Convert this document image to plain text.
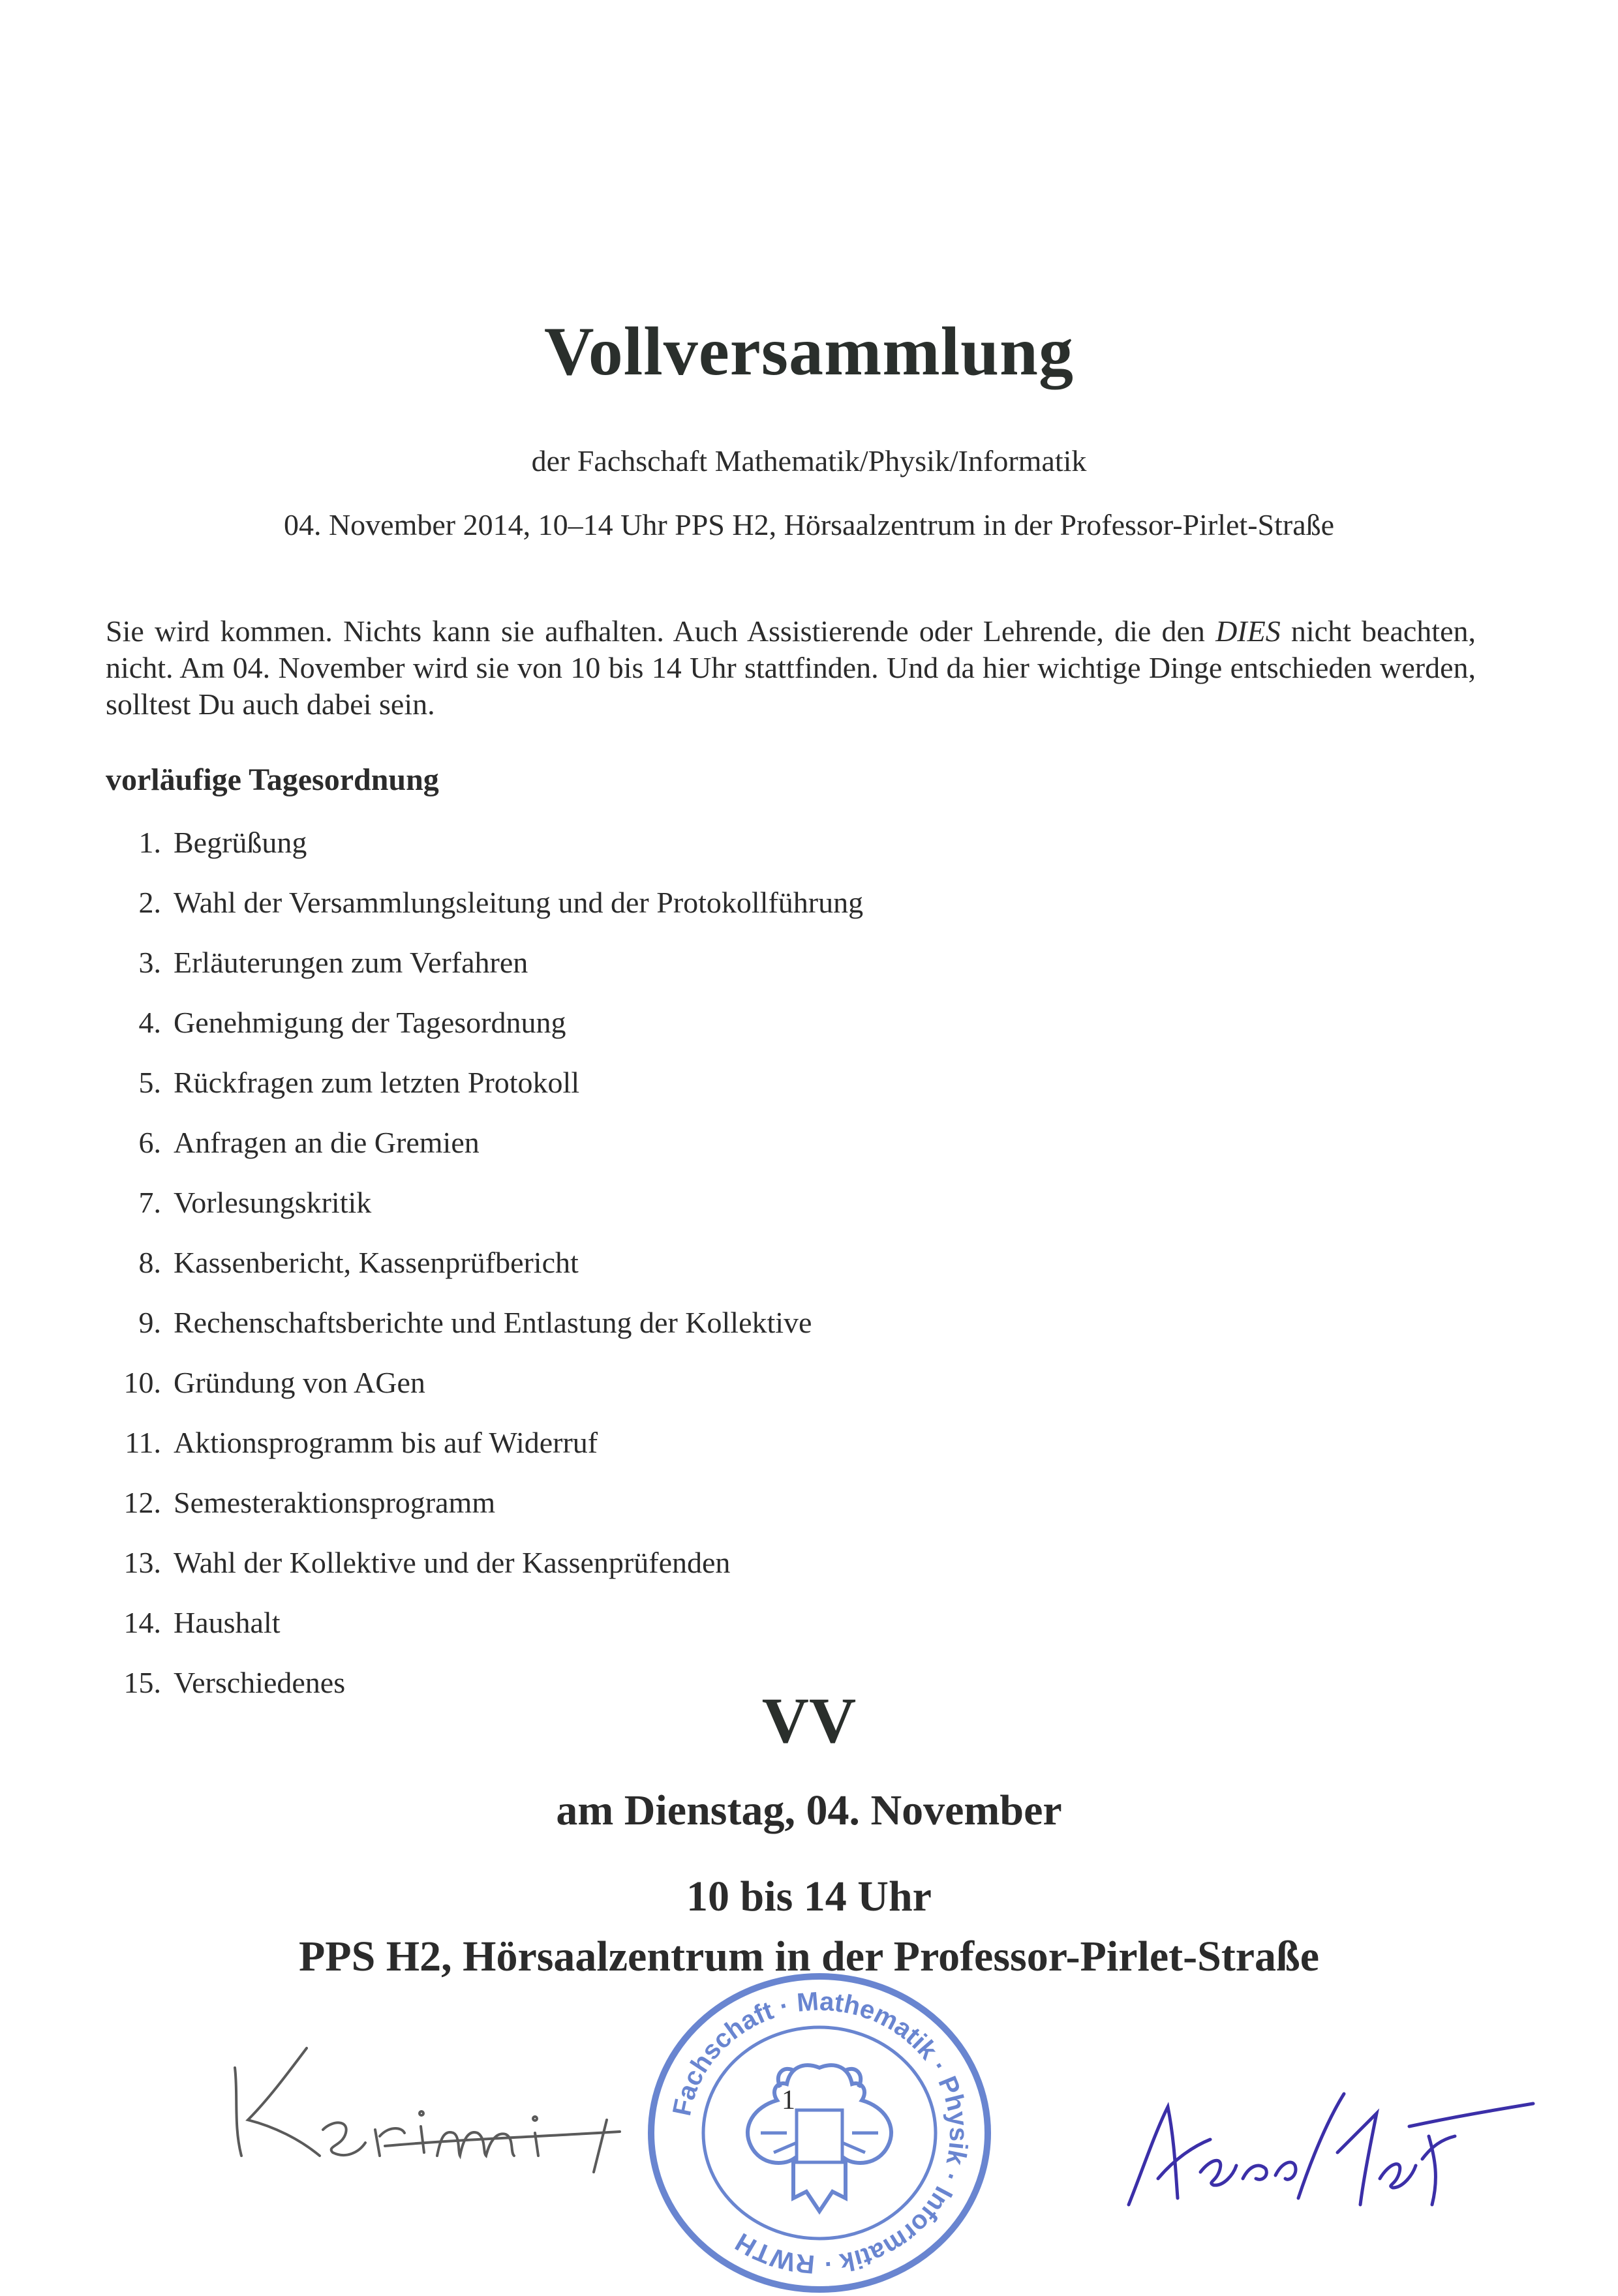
Vollversammlung

der Fachschaft Mathematik/Physik/Informatik

04. November 2014, 10–14 Uhr PPS H2, Hörsaalzentrum in der Professor-Pirlet-Straße

Sie wird kommen. Nichts kann sie aufhalten. Auch Assistierende oder Lehrende, die den DIES nicht beachten, nicht. Am 04. November wird sie von 10 bis 14 Uhr stattfinden. Und da hier wichtige Dinge entschieden werden, solltest Du auch dabei sein.

vorläufige Tagesordnung
1. Begrüßung
2. Wahl der Versammlungsleitung und der Protokollführung
3. Erläuterungen zum Verfahren
4. Genehmigung der Tagesordnung
5. Rückfragen zum letzten Protokoll
6. Anfragen an die Gremien
7. Vorlesungskritik
8. Kassenbericht, Kassenprüfbericht
9. Rechenschaftsberichte und Entlastung der Kollektive
10. Gründung von AGen
11. Aktionsprogramm bis auf Widerruf
12. Semesteraktionsprogramm
13. Wahl der Kollektive und der Kassenprüfenden
14. Haushalt
15. Verschiedenes
VV
am Dienstag, 04. November
10 bis 14 Uhr
PPS H2, Hörsaalzentrum in der Professor-Pirlet-Straße
Fachschaft · Mathematik · Physik · Informatik · RWTH
1
